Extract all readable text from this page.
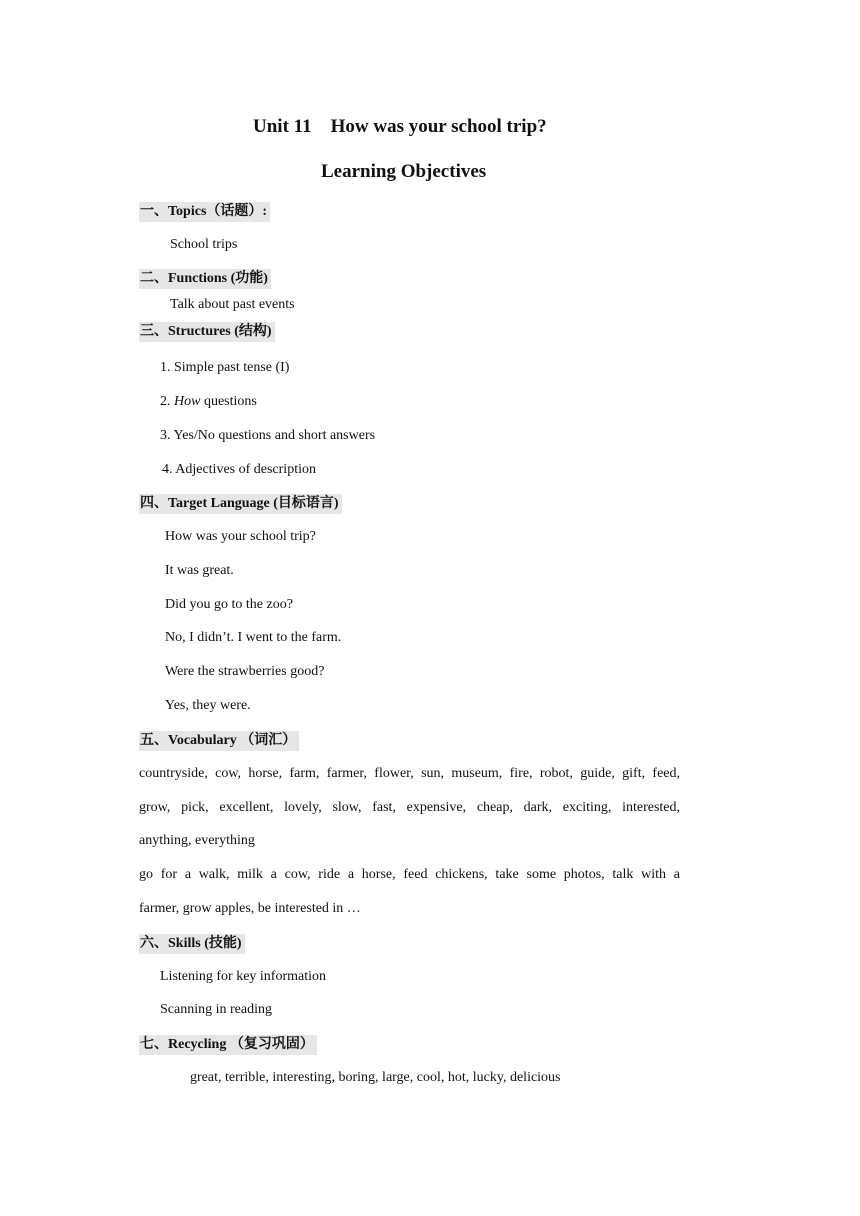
Unit 11    How was your school trip?
Learning Objectives
一、Topics（话题）:
School trips
二、Functions (功能)
Talk about past events
三、Structures (结构)
1. Simple past tense (I)
2. How questions
3. Yes/No questions and short answers
4. Adjectives of description
四、Target Language (目标语言)
How was your school trip?
It was great.
Did you go to the zoo?
No, I didn’t. I went to the farm.
Were the strawberries good?
Yes, they were.
五、Vocabulary （词汇）
countryside, cow, horse, farm, farmer, flower, sun, museum, fire, robot, guide, gift, feed,
grow, pick, excellent, lovely, slow, fast, expensive, cheap, dark, exciting, interested,
anything, everything
go for a walk, milk a cow, ride a horse, feed chickens, take some photos, talk with a
farmer, grow apples, be interested in …
六、Skills (技能)
Listening for key information
Scanning in reading
七、Recycling （复习巩固）
great, terrible, interesting, boring, large, cool, hot, lucky, delicious
